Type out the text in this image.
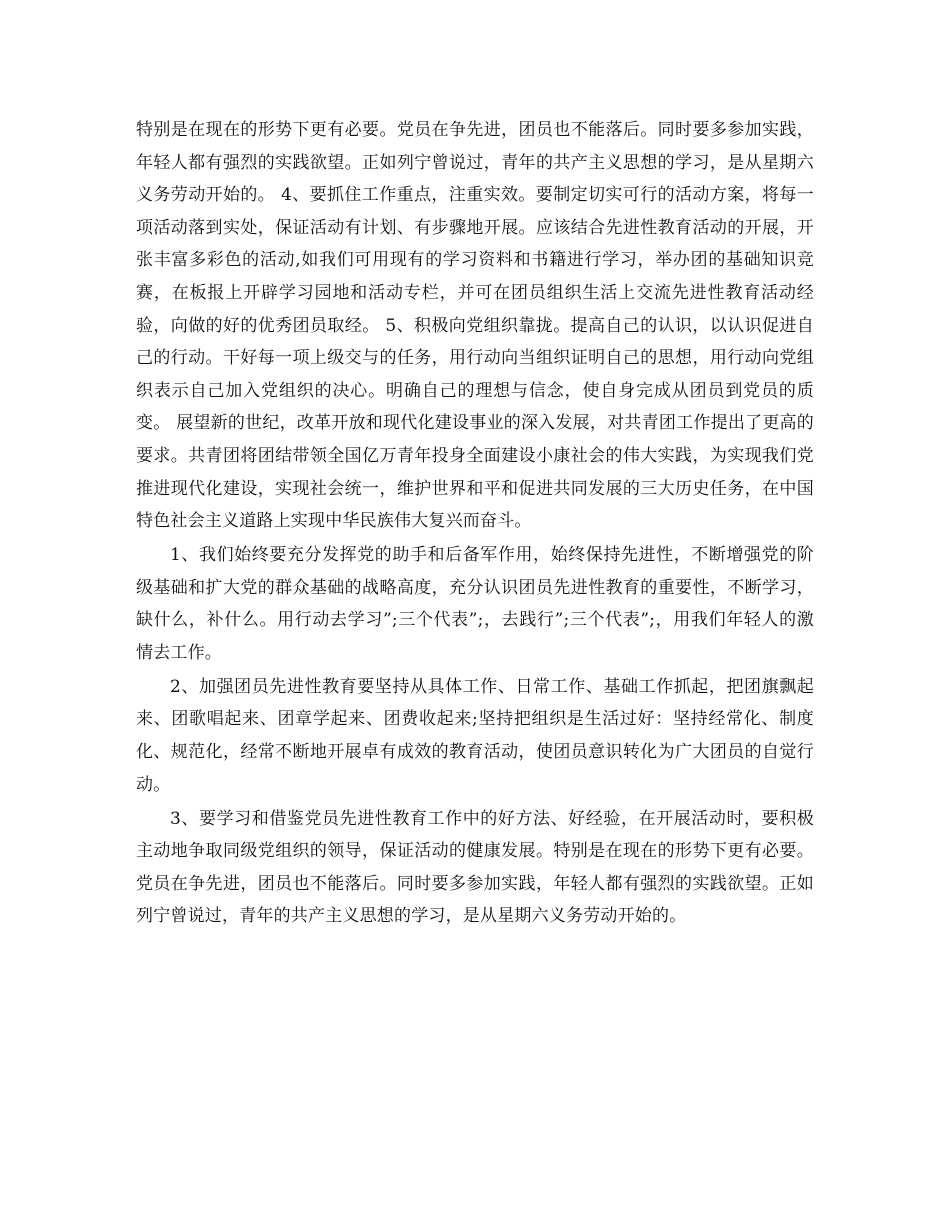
特别是在现在的形势下更有必要。党员在争先进，团员也不能落后。同时要多参加实践，年轻人都有强烈的实践欲望。正如列宁曾说过，青年的共产主义思想的学习，是从星期六义务劳动开始的。 4、要抓住工作重点，注重实效。要制定切实可行的活动方案，将每一项活动落到实处，保证活动有计划、有步骤地开展。应该结合先进性教育活动的开展，开张丰富多彩色的活动,如我们可用现有的学习资料和书籍进行学习，举办团的基础知识竞赛，在板报上开辟学习园地和活动专栏，并可在团员组织生活上交流先进性教育活动经验，向做的好的优秀团员取经。 5、积极向党组织靠拢。提高自己的认识，以认识促进自己的行动。干好每一项上级交与的任务，用行动向当组织证明自己的思想，用行动向党组织表示自己加入党组织的决心。明确自己的理想与信念，使自身完成从团员到党员的质变。 展望新的世纪，改革开放和现代化建设事业的深入发展，对共青团工作提出了更高的要求。共青团将团结带领全国亿万青年投身全面建设小康社会的伟大实践，为实现我们党推进现代化建设，实现社会统一，维护世界和平和促进共同发展的三大历史任务，在中国特色社会主义道路上实现中华民族伟大复兴而奋斗。

1、我们始终要充分发挥党的助手和后备军作用，始终保持先进性，不断增强党的阶级基础和扩大党的群众基础的战略高度，充分认识团员先进性教育的重要性，不断学习，缺什么，补什么。用行动去学习”;三个代表”;，去践行”;三个代表”;，用我们年轻人的激情去工作。

2、加强团员先进性教育要坚持从具体工作、日常工作、基础工作抓起，把团旗飘起来、团歌唱起来、团章学起来、团费收起来;坚持把组织是生活过好：坚持经常化、制度化、规范化，经常不断地开展卓有成效的教育活动，使团员意识转化为广大团员的自觉行动。

3、要学习和借鉴党员先进性教育工作中的好方法、好经验，在开展活动时，要积极主动地争取同级党组织的领导，保证活动的健康发展。特别是在现在的形势下更有必要。党员在争先进，团员也不能落后。同时要多参加实践，年轻人都有强烈的实践欲望。正如列宁曾说过，青年的共产主义思想的学习，是从星期六义务劳动开始的。
